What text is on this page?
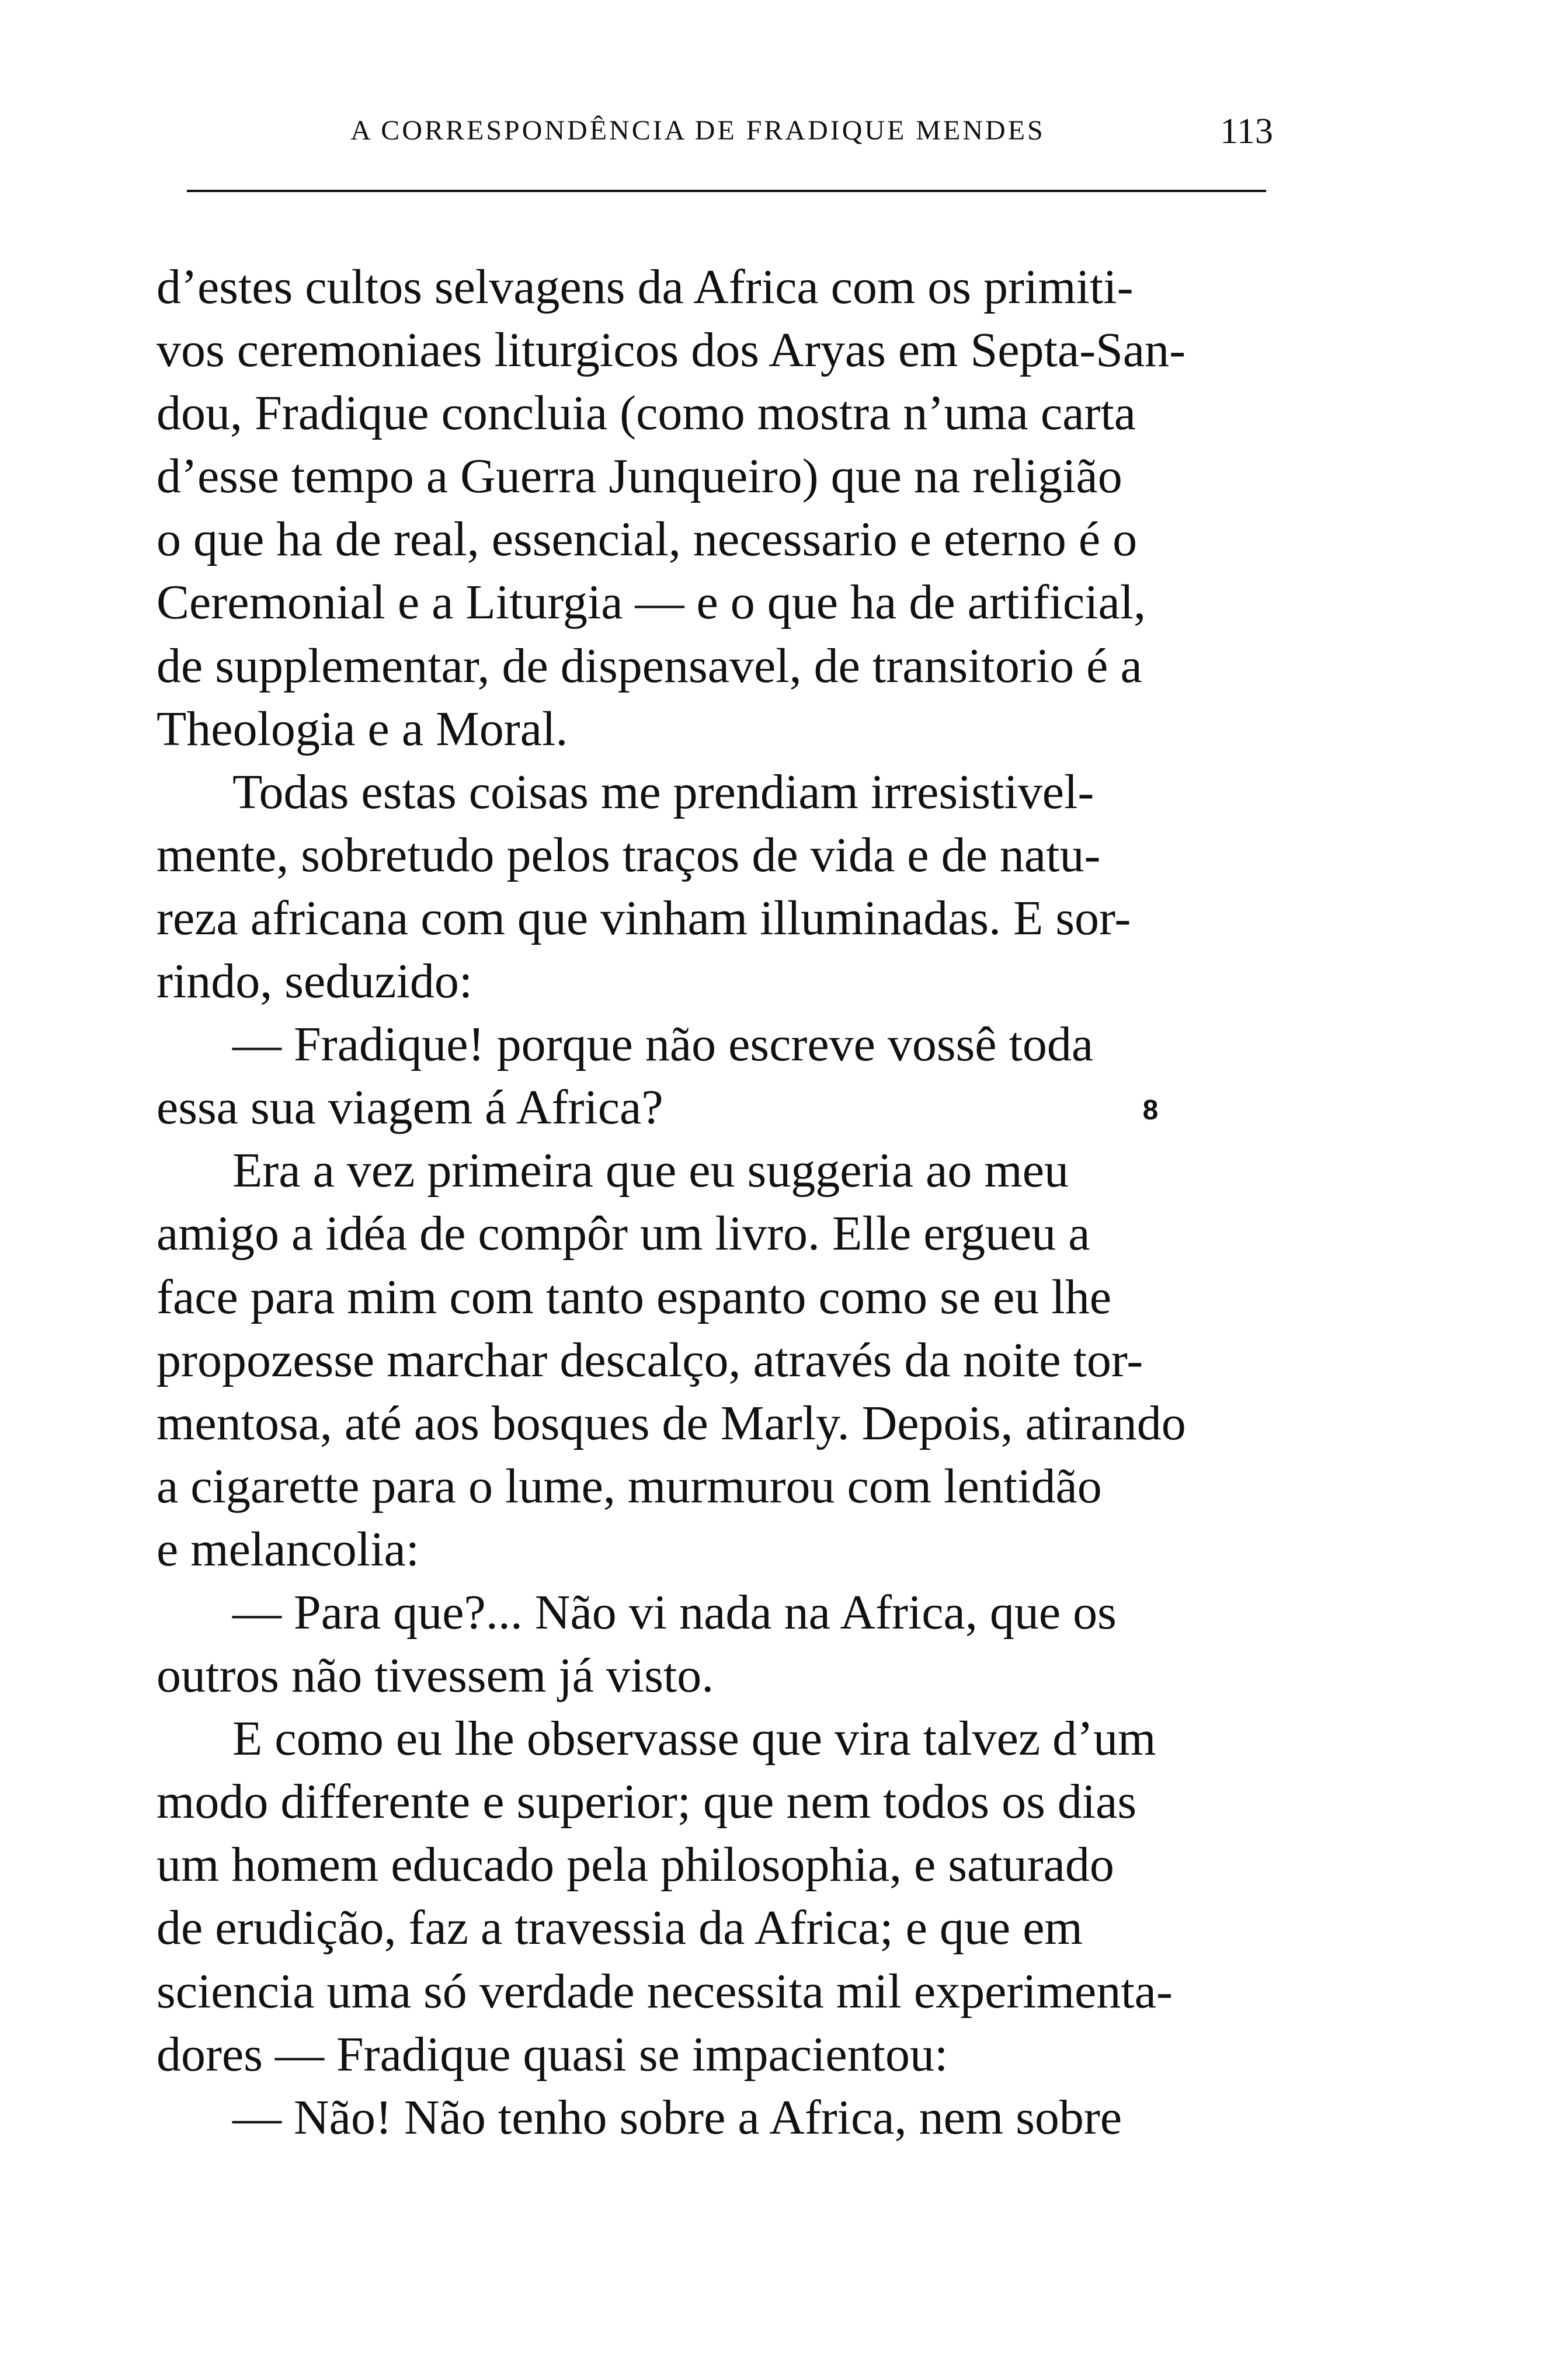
A CORRESPONDÊNCIA DE FRADIQUE MENDES	113
d’estes cultos selvagens da Africa com os primiti-
vos ceremoniaes liturgicos dos Aryas em Septa-San-
dou, Fradique concluia (como mostra n’uma carta
d’esse tempo a Guerra Junqueiro) que na religião
o que ha de real, essencial, necessario e eterno é o
Ceremonial e a Liturgia — e o que ha de artificial,
de supplementar, de dispensavel, de transitorio é a
Theologia e a Moral.
Todas estas coisas me prendiam irresistivel-
mente, sobretudo pelos traços de vida e de natu-
reza africana com que vinham illuminadas. E sor-
rindo, seduzido:
— Fradique! porque não escreve vossê toda
essa sua viagem á Africa?
Era a vez primeira que eu suggeria ao meu
amigo a idéa de compôr um livro. Elle ergueu a
face para mim com tanto espanto como se eu lhe
propozesse marchar descalço, através da noite tor-
mentosa, até aos bosques de Marly. Depois, atirando
a cigarette para o lume, murmurou com lentidão
e melancolia:
— Para que?... Não vi nada na Africa, que os
outros não tivessem já visto.
E como eu lhe observasse que vira talvez d’um
modo differente e superior; que nem todos os dias
um homem educado pela philosophia, e saturado
de erudição, faz a travessia da Africa; e que em
sciencia uma só verdade necessita mil experimenta-
dores — Fradique quasi se impacientou:
— Não! Não tenho sobre a Africa, nem sobre
8
